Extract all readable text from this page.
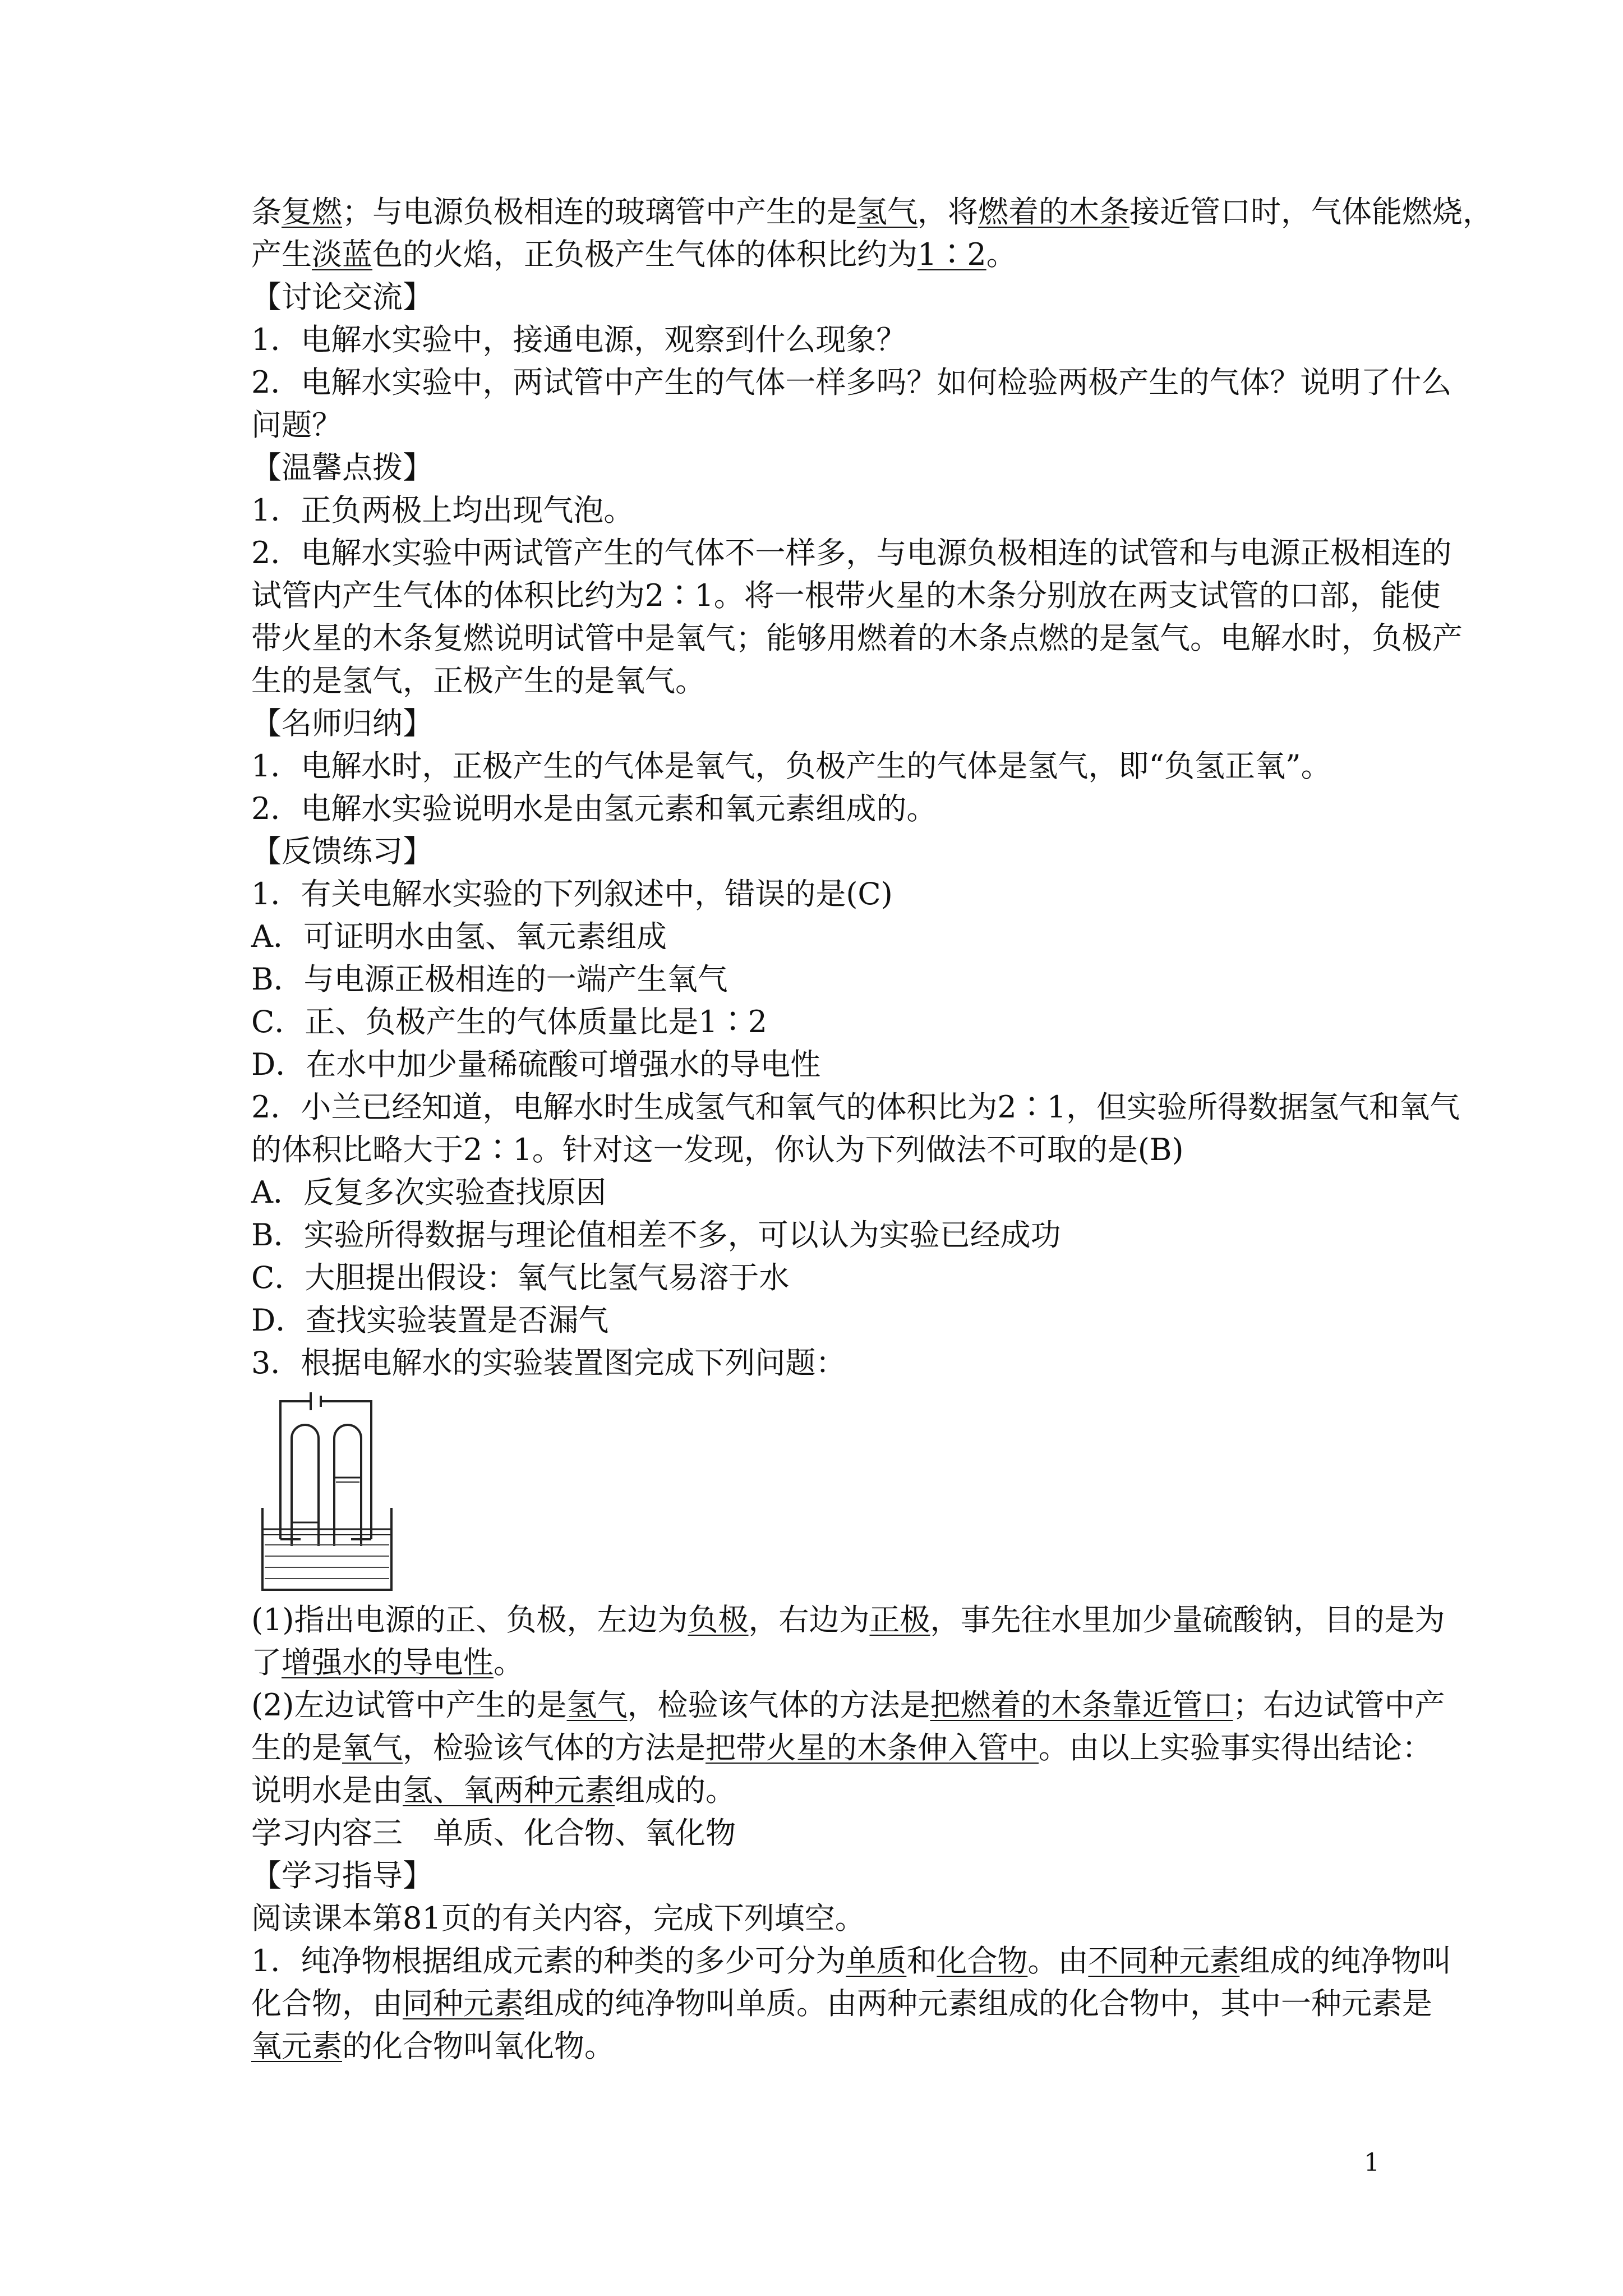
条复燃；与电源负极相连的玻璃管中产生的是氢气，将燃着的木条接近管口时，气体能燃烧，

产生淡蓝色的火焰，正负极产生气体的体积比约为1∶2。

【讨论交流】

1．电解水实验中，接通电源，观察到什么现象？

2．电解水实验中，两试管中产生的气体一样多吗？如何检验两极产生的气体？说明了什么

问题？

【温馨点拨】

1．正负两极上均出现气泡。

2．电解水实验中两试管产生的气体不一样多，与电源负极相连的试管和与电源正极相连的

试管内产生气体的体积比约为2∶1。将一根带火星的木条分别放在两支试管的口部，能使

带火星的木条复燃说明试管中是氧气；能够用燃着的木条点燃的是氢气。电解水时，负极产

生的是氢气，正极产生的是氧气。

【名师归纳】

1．电解水时，正极产生的气体是氧气，负极产生的气体是氢气，即“负氢正氧”。

2．电解水实验说明水是由氢元素和氧元素组成的。

【反馈练习】

1．有关电解水实验的下列叙述中，错误的是(C)

A．可证明水由氢、氧元素组成

B．与电源正极相连的一端产生氧气

C．正、负极产生的气体质量比是1∶2

D．在水中加少量稀硫酸可增强水的导电性

2．小兰已经知道，电解水时生成氢气和氧气的体积比为2∶1，但实验所得数据氢气和氧气

的体积比略大于2∶1。针对这一发现，你认为下列做法不可取的是(B)

A．反复多次实验查找原因

B．实验所得数据与理论值相差不多，可以认为实验已经成功

C．大胆提出假设：氧气比氢气易溶于水

D．查找实验装置是否漏气

3．根据电解水的实验装置图完成下列问题：

(1)指出电源的正、负极，左边为负极，右边为正极，事先往水里加少量硫酸钠，目的是为

了增强水的导电性。

(2)左边试管中产生的是氢气，检验该气体的方法是把燃着的木条靠近管口；右边试管中产

生的是氧气，检验该气体的方法是把带火星的木条伸入管中。由以上实验事实得出结论：

说明水是由氢、氧两种元素组成的。

学习内容三　单质、化合物、氧化物

【学习指导】

阅读课本第81页的有关内容，完成下列填空。

1．纯净物根据组成元素的种类的多少可分为单质和化合物。由不同种元素组成的纯净物叫

化合物，由同种元素组成的纯净物叫单质。由两种元素组成的化合物中，其中一种元素是

氧元素的化合物叫氧化物。

1
